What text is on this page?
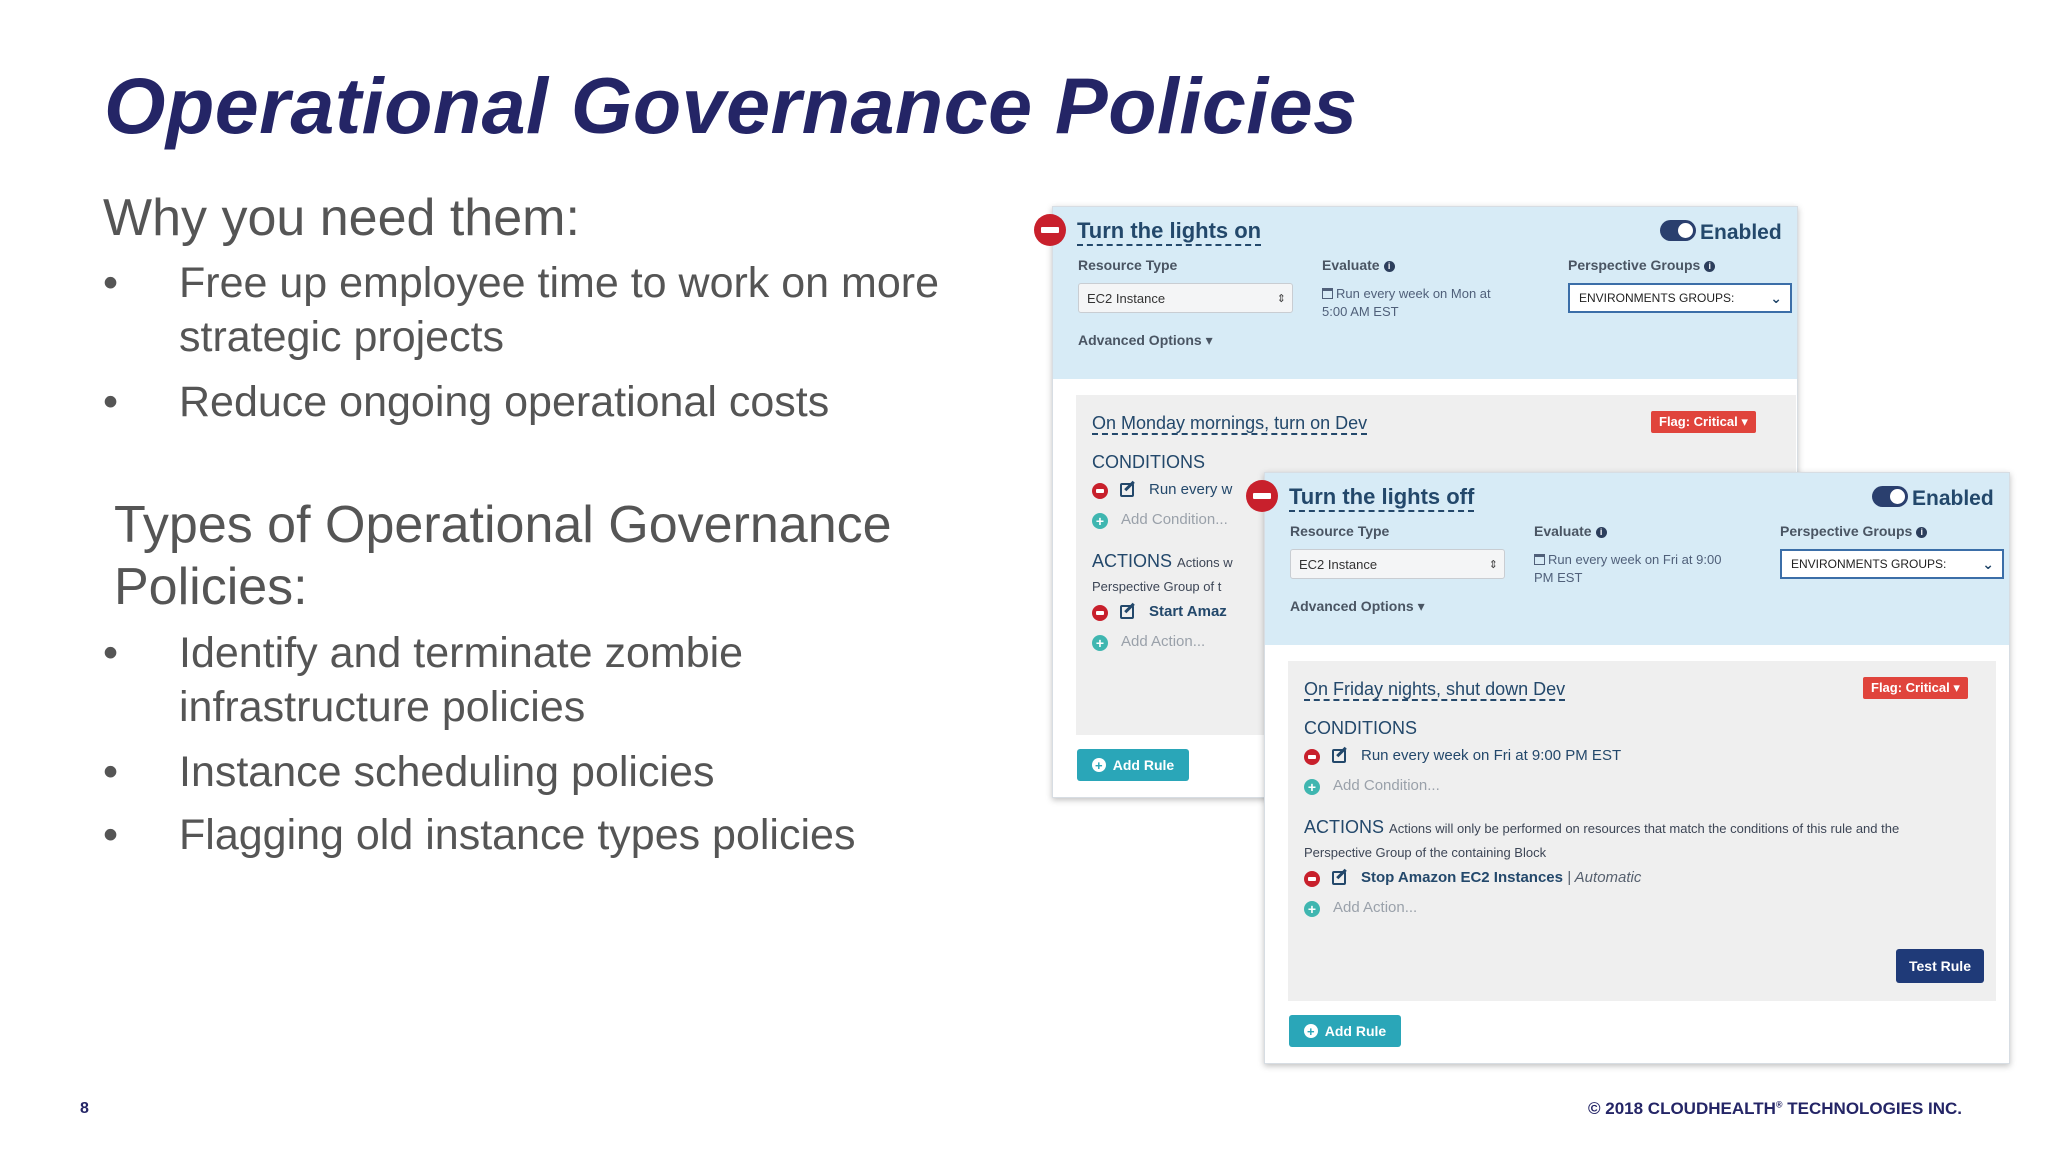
Operational Governance Policies
Why you need them:
• Free up employee time to work on more
strategic projects
• Reduce ongoing operational costs
Types of Operational Governance
Policies:
• Identify and terminate zombie
infrastructure policies
• Instance scheduling policies
• Flagging old instance types policies
8	© 2018 CLOUDHEALTH® TECHNOLOGIES INC.
Turn the lights on	Enabled
Resource Type
EC2 Instance	⇕
Evaluate i
Run every week on Mon at
5:00 AM EST
Perspective Groups i
ENVIRONMENTS GROUPS:	⌄
Advanced Options ▾
On Monday mornings, turn on Dev	Flag: Critical ▾
CONDITIONS
Run every w
+ Add Condition...
ACTIONS Actions w
Perspective Group of t
Start Amaz
+ Add Action...
+ Add Rule
Turn the lights off	Enabled
Resource Type
EC2 Instance	⇕
Evaluate i
Run every week on Fri at 9:00
PM EST
Perspective Groups i
ENVIRONMENTS GROUPS:	⌄
Advanced Options ▾
On Friday nights, shut down Dev	Flag: Critical ▾
CONDITIONS
Run every week on Fri at 9:00 PM EST
+ Add Condition...
ACTIONS Actions will only be performed on resources that match the conditions of this rule and the
Perspective Group of the containing Block
Stop Amazon EC2 Instances | Automatic
+ Add Action...
Test Rule
+ Add Rule
